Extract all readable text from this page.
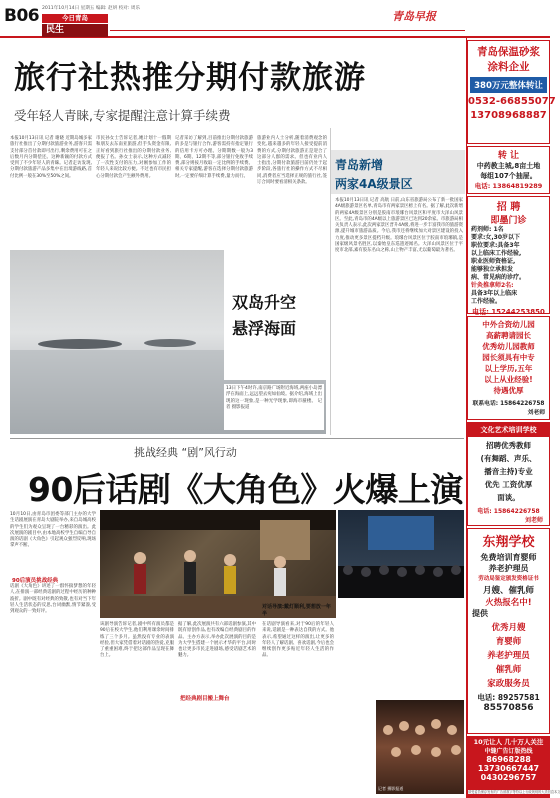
B06 2011年10月14日 星期五 编辑: 赵妍 校对: 周乐
今日青岛
民生
青岛早报
旅行社热推分期付款旅游
受年轻人青睐,专家提醒注意计算手续费
本报10月13日讯 记者 谢晓 近期岛城多家旅行社推出了分期付款旅游业务,游客只需支付部分首付款即可出行,剩余费用可在之后数月内分期偿还。这种新颖的付款方式受到了不少年轻人的青睐。记者走访发现,分期付款旅游产品多集中在出境游线路,首付比例一般在30%至50%之间。
市民孙女士告诉记者,她计划十一假期和朋友去东南亚旅游,但手头资金有限,正好看到旅行社推出的分期付款业务,便报了名。孙女士表示,这种方式减轻了一次性支付的压力,对刚参加工作的年轻人来说比较方便。不过也有市民担心分期付款会产生额外费用。
记者采访了解到,目前推出分期付款旅游的多是与银行合作,游客需持有指定银行的信用卡方可办理。分期期数一般为3期、6期、12期不等,部分银行免收手续费,部分则按月收取一定比例的手续费。相关专家提醒,游客在选择分期付款旅游时,一定要仔细计算手续费,量力而行。
旅游业内人士分析,随着消费观念的变化,越来越多的年轻人接受提前消费的方式,分期付款旅游正是迎合了这部分人群的需求。但也有业内人士指出,分期付款旅游目前仍处于起步阶段,各旅行社的操作方式不尽相同,消费者应当选择正规的旅行社,签订合同时要看清相关条款。
青岛新增
两家4A级景区
本报10月13日讯 记者 高航 日前,山东省旅游局公布了新一批国家4A级旅游景区名单,青岛市有两家景区榜上有名。据了解,此次新增的两家4A级景区分别是胶南市琅琊台风景区和平度市大泽山风景区。至此,青岛市的4A级以上旅游景区已达到20余家。市旅游局相关负责人表示,此次两家景区晋升4A级,将进一步丰富我市的旅游资源,提升城市旅游品质。今后,我市还将继续加大对景区建设的投入力度,推动更多景区提档升级。琅琊台风景区位于胶南市琅琊镇,是国家级风景名胜区,以秦始皇东巡遗迹闻名。大泽山风景区位于平度市北部,素有胶东名山之称,山上物产丰富,尤以葡萄最为著名。
双岛升空
悬浮海面
13日下午4时许,南京路广场附近海域,两座小岛漂浮在海面上,远远望去宛如仙境。据介绍,海域上出现的这一现象,是一种光学现象,即海市蜃楼。 记者 摄影报道
挑战经典 “剧”风行动
90后话剧《大角色》火爆上演
10月10日,由青岛市团委等部门主办的大学生话剧展演在青岛大剧院举办,来自岛城高校的学生们为观众呈现了一台精彩的演出。此次展演的剧目中,由本地高校学生自编自导自演的话剧《大角色》引起观众强烈反响,现场掌声不断。
90后演员挑战经典
话剧《大角色》讲述了一群怀揣梦想的年轻人,在排演一部经典话剧的过程中经历的种种波折。剧中既有对经典的致敬,也有对当下年轻人生活状态的反思,台词幽默,情节紧凑,受到观众的一致好评。
该剧导演告诉记者,剧中所有演员都是90后在校大学生,他们利用课余时间排练了三个多月。虽然没有专业的表演经验,但大家凭借着对话剧的热爱,克服了重重困难,终于把这部作品呈现在舞台上。
把经典剧目搬上舞台
据了解,此次展演共有六部话剧参演,其中既有原创作品,也有改编自经典剧目的作品。主办方表示,举办此次展演的目的是为大学生搭建一个展示才华的平台,同时也让更多市民走进剧场,感受话剧艺术的魅力。
对话导演:戴灯顺利,要想放一年半
在话剧导演看来,对于90后的年轻人来说,话剧是一种表达自我的方式。他表示,希望通过这样的演出,让更多的年轻人了解话剧、喜欢话剧,今后也会继续创作更多贴近年轻人生活的作品。
记者 摄影报道
青岛保温砂浆
涂料企业
380万元整体转让
0532-66855077
13708968887
转 让
中药教主城,8亩土地
每组107个抽屉。
电话: 13864819289
招 聘
即墨门诊
药剂师: 1名
要求:女,30岁以下
职位要求:具备3年
以上临床工作经验,
职业医师资格证,
能够独立承担发
病、常见病的诊疗。
针灸推拿师2名:
具备3年以上临床
工作经验。
电话: 15244253850
中外合资幼儿园
高薪聘请园长
优秀幼儿园教师
园长须具有中专
以上学历,五年
以上从业经验!
待遇优厚
联系电话: 15864226758
刘老师
文化艺术培训学校
招聘优秀教师
(有舞蹈、声乐、
播音主持)专业
优先 工资优厚
面谈。
电话: 15864226758
刘老师
东翔学校
免费培训育婴师
养老护理员
劳动局鉴定颁发资格证书
月嫂、催乳师
火热报名中!
提供
优秀月嫂
育婴师
养老护理员
催乳师
家政服务员
电话: 89257581
85570856
10元让人 几十万人关注
中缝广告订版热线
86968288
13730667447
0430296757
请受委员保存发布的广告被数字等符以上行政规则的大类信息本文
